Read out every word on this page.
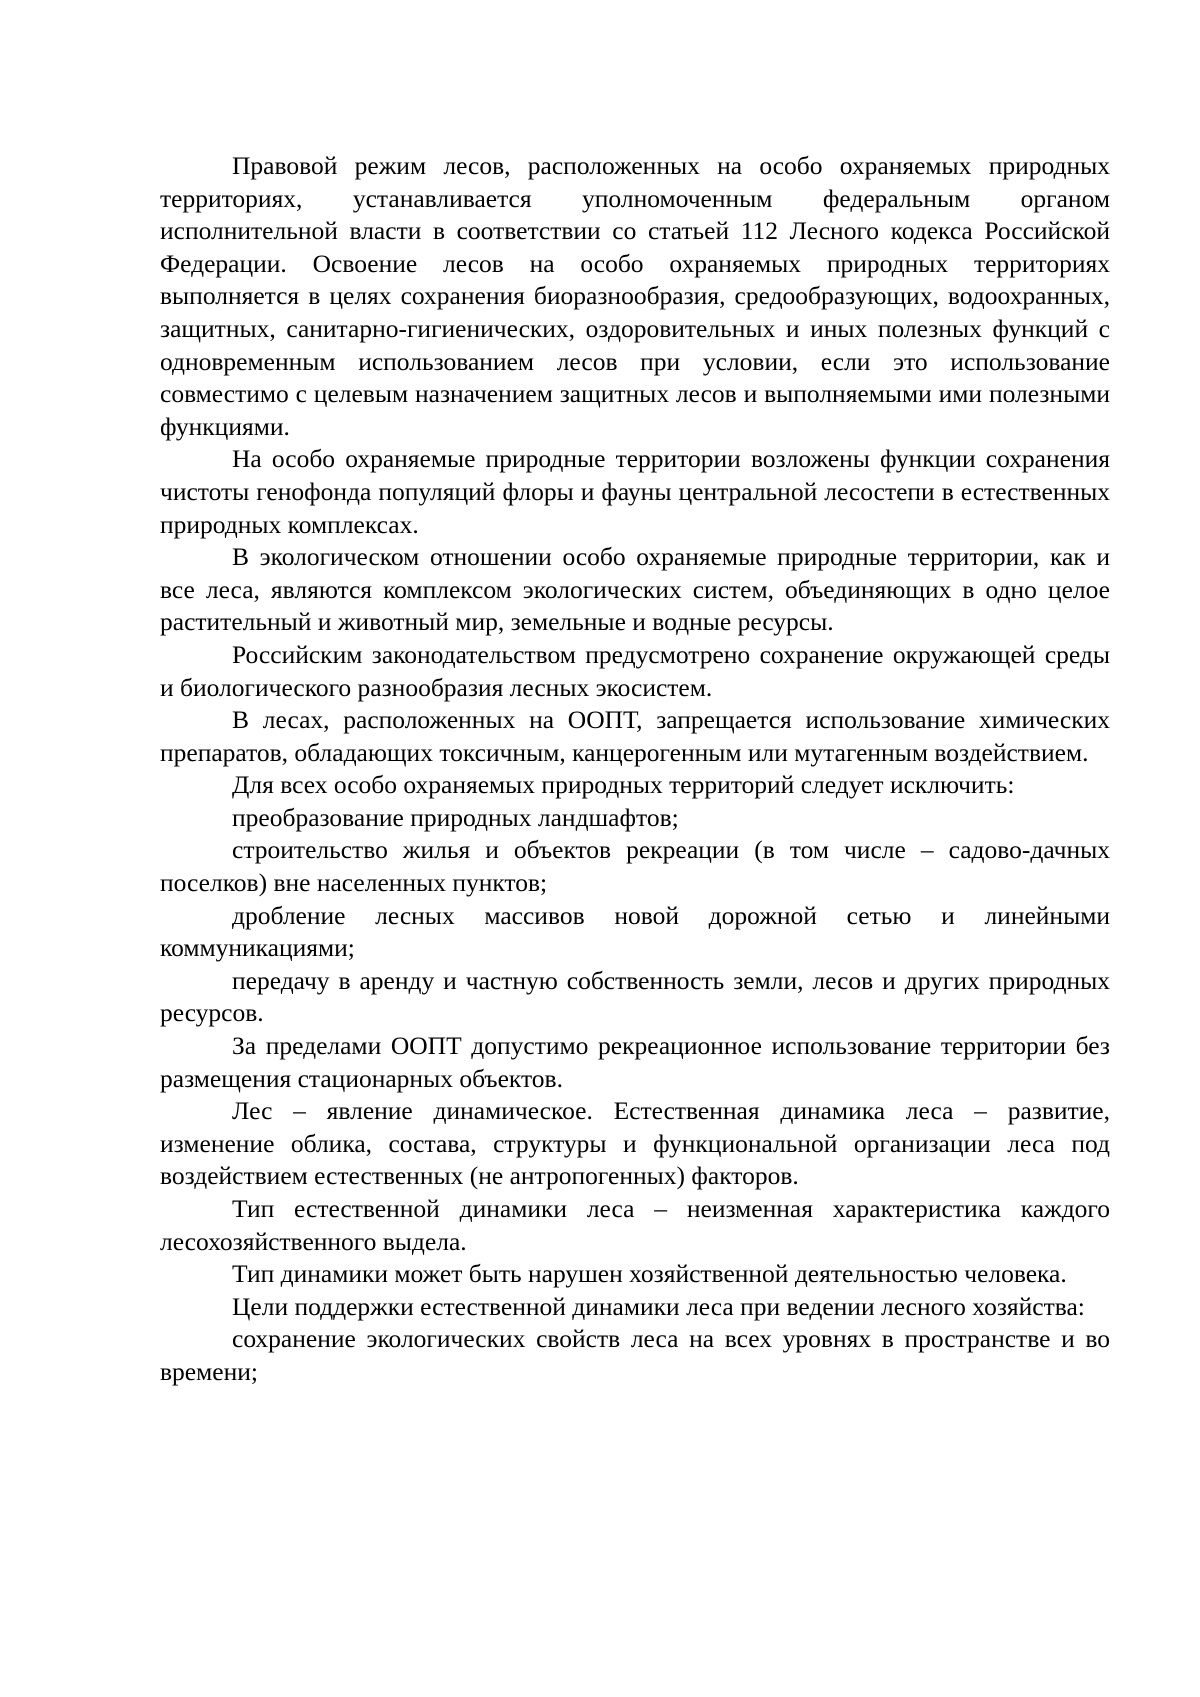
Правовой режим лесов, расположенных на особо охраняемых природных территориях, устанавливается уполномоченным федеральным органом исполнительной власти в соответствии со статьей 112 Лесного кодекса Российской Федерации. Освоение лесов на особо охраняемых природных территориях выполняется в целях сохранения биоразнообразия, средообразующих, водоохранных, защитных, санитарно-гигиенических, оздоровительных и иных полезных функций с одновременным использованием лесов при условии, если это использование совместимо с целевым назначением защитных лесов и выполняемыми ими полезными функциями.

На особо охраняемые природные территории возложены функции сохранения чистоты генофонда популяций флоры и фауны центральной лесостепи в естественных природных комплексах.

В экологическом отношении особо охраняемые природные территории, как и все леса, являются комплексом экологических систем, объединяющих в одно целое растительный и животный мир, земельные и водные ресурсы.

Российским законодательством предусмотрено сохранение окружающей среды и биологического разнообразия лесных экосистем.

В лесах, расположенных на ООПТ, запрещается использование химических препаратов, обладающих токсичным, канцерогенным или мутагенным воздействием.

Для всех особо охраняемых природных территорий следует исключить:

преобразование природных ландшафтов;

строительство жилья и объектов рекреации (в том числе – садово-дачных поселков) вне населенных пунктов;

дробление лесных массивов новой дорожной сетью и линейными коммуникациями;

передачу в аренду и частную собственность земли, лесов и других природных ресурсов.

За пределами ООПТ допустимо рекреационное использование территории без размещения стационарных объектов.

Лес – явление динамическое. Естественная динамика леса – развитие, изменение облика, состава, структуры и функциональной организации леса под воздействием естественных (не антропогенных) факторов.

Тип естественной динамики леса – неизменная характеристика каждого лесохозяйственного выдела.

Тип динамики может быть нарушен хозяйственной деятельностью человека.

Цели поддержки естественной динамики леса при ведении лесного хозяйства:

сохранение экологических свойств леса на всех уровнях в пространстве и во времени;
